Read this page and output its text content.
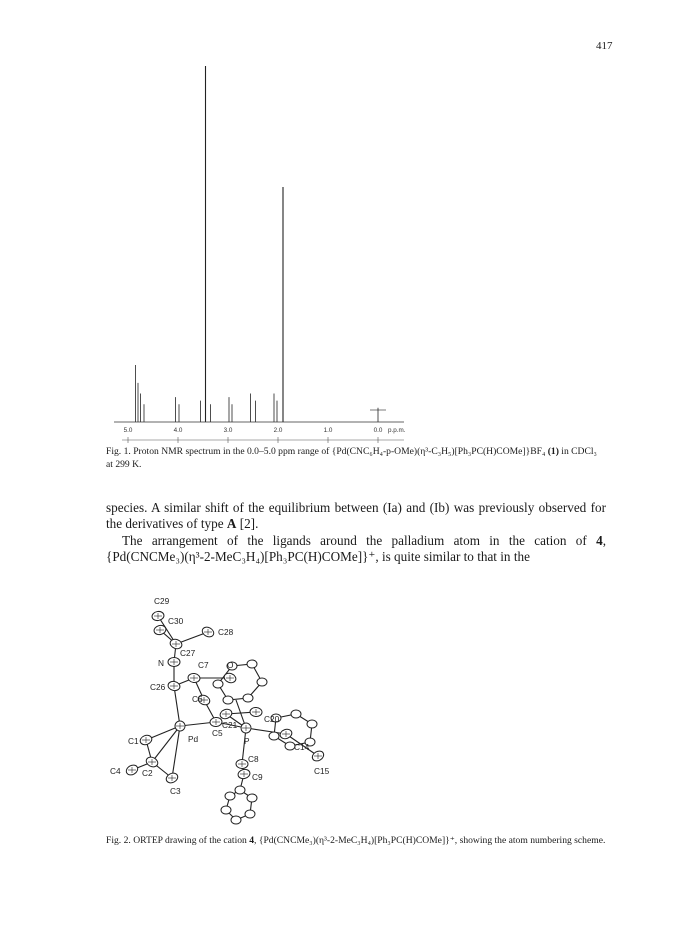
417
5.0	4.0	3.0	2.0	1.0	0.0 p.p.m.
Fig. 1. Proton NMR spectrum in the 0.0–5.0 ppm range of {Pd(CNC₆H₄-p-OMe)(η³-C₃H₅)[Ph₃PC(H)COMe]}BF₄ (1) in CDCl₃ at 299 K.

species. A similar shift of the equilibrium between (Ia) and (Ib) was previously observed for the derivatives of type A [2].

The arrangement of the ligands around the palladium atom in the cation of 4, {Pd(CNCMe₃)(η³-2-MeC₃H₄)[Ph₃PC(H)COMe]}⁺, is quite similar to that in the

C29
C30
C28
C27
N	C7 O
C26
C6
C20
C21
C1	Pd
C5
P
C14
C15
C4	C2
C8
C9
C3
Fig. 2. ORTEP drawing of the cation 4, {Pd(CNCMe₃)(η³-2-MeC₃H₄)[Ph₃PC(H)COMe]}⁺, showing the atom numbering scheme.
